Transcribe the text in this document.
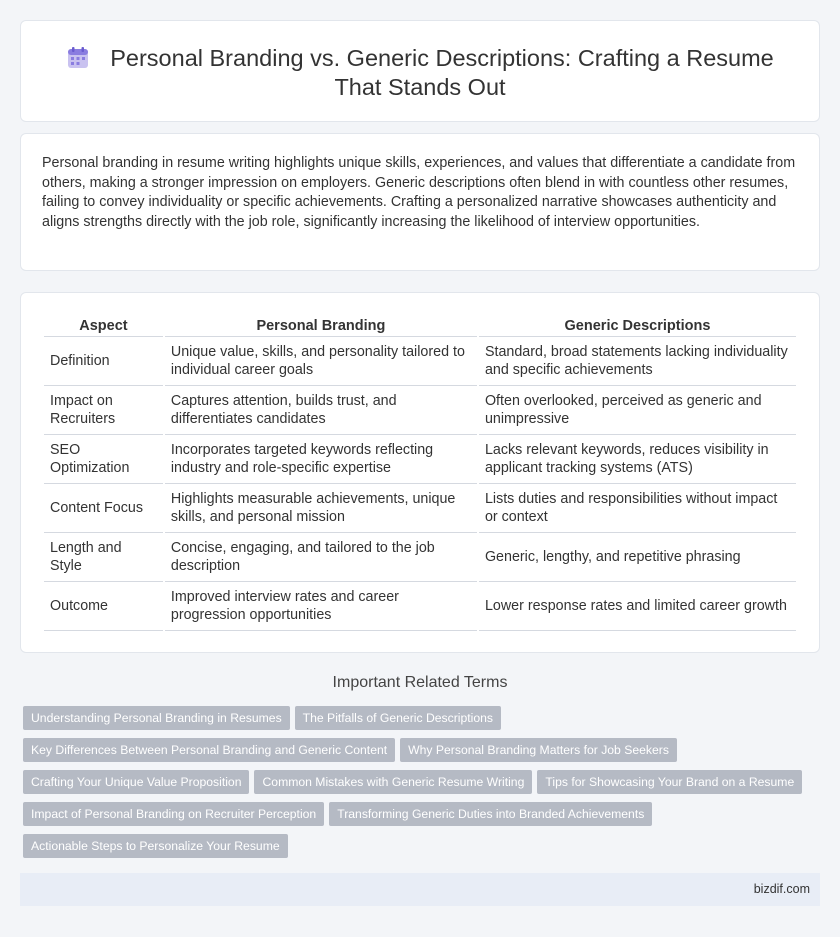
Personal Branding vs. Generic Descriptions: Crafting a Resume
That Stands Out

Personal branding in resume writing highlights unique skills, experiences, and values that differentiate a candidate from others, making a stronger impression on employers. Generic descriptions often blend in with countless other resumes, failing to convey individuality or specific achievements. Crafting a personalized narrative showcases authenticity and aligns strengths directly with the job role, significantly increasing the likelihood of interview opportunities.

Aspect	Personal Branding	Generic Descriptions
Definition	Unique value, skills, and personality tailored to individual career goals	Standard, broad statements lacking individuality and specific achievements
Impact on Recruiters	Captures attention, builds trust, and differentiates candidates	Often overlooked, perceived as generic and unimpressive
SEO Optimization	Incorporates targeted keywords reflecting industry and role-specific expertise	Lacks relevant keywords, reduces visibility in applicant tracking systems (ATS)
Content Focus	Highlights measurable achievements, unique skills, and personal mission	Lists duties and responsibilities without impact or context
Length and Style	Concise, engaging, and tailored to the job description	Generic, lengthy, and repetitive phrasing
Outcome	Improved interview rates and career progression opportunities	Lower response rates and limited career growth
Important Related Terms
Understanding Personal Branding in Resumes The Pitfalls of Generic Descriptions
Key Differences Between Personal Branding and Generic Content Why Personal Branding Matters for Job Seekers
Crafting Your Unique Value Proposition Common Mistakes with Generic Resume Writing Tips for Showcasing Your Brand on a Resume
Impact of Personal Branding on Recruiter Perception Transforming Generic Duties into Branded Achievements
Actionable Steps to Personalize Your Resume
bizdif.com
